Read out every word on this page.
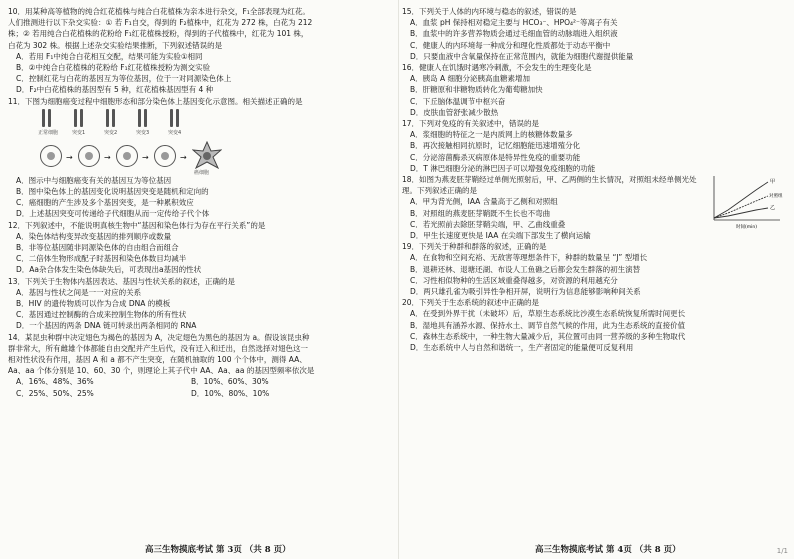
10．用某种高等植物的纯合红花植株与纯合白花植株为亲本进行杂交，F₁全部表现为红花。
人们推测进行以下杂交实验：① 若 F₁自交，得到的 F₂植株中，红花为 272 株，白花为 212
株；② 若用纯合白花植株的花粉给 F₁红花植株授粉，得到的子代植株中，红花为 101 株，
白花为 302 株。根据上述杂交实验结果推断，下列叙述错误的是
A．若用 F₁中纯合白花相互交配，结果可能为实验①相同
B．②中纯合白花植株的花粉给 F₁红花植株授粉为测交实验
C．控制红花与白花的基因互为等位基因，位于一对同源染色体上
D．F₂中白花植株的基因型有 5 种，红花植株基因型有 4 种
11．下图为细胞癌变过程中细胞形态和部分染色体上基因变化示意图。相关描述正确的是
正常细胞	突变1	突变2	突变3	突变4
→	→	→	→
癌细胞
A．图示中与细胞癌变有关的基因互为等位基因
B．图中染色体上的基因变化说明基因突变是随机和定向的
C．癌细胞的产生涉及多个基因突变，是一种累积效应
D．上述基因突变可传递给子代细胞从而一定传给子代个体
12．下列叙述中，不能说明真核生物中“基因和染色体行为存在平行关系”的是
A．染色体结构变异改变基因的排列顺序或数量
B．非等位基因随非同源染色体的自由组合而组合
C．二倍体生物形成配子时基因和染色体数目均减半
D．Aa杂合体发生染色体缺失后，可表现出a基因的性状
13．下列关于生物体内基因表达、基因与性状关系的叙述，正确的是
A．基因与性状之间是一一对应的关系
B．HIV 的遗传物质可以作为合成 DNA 的模板
C．基因通过控制酶的合成来控制生物体的所有性状
D．一个基因的两条 DNA 链可转录出两条相同的 RNA
14．某昆虫种群中决定翅色为褐色的基因为 A，决定翅色为黑色的基因为 a。假设该昆虫种
群非常大，所有雌雄个体都能自由交配并产生后代，没有迁入和迁出，自然选择对翅色这一
相对性状没有作用，基因 A 和 a 都不产生突变，在随机抽取的 100 个个体中，测得 AA、
Aa、aa 个体分别是 10、60、30 个，则理论上其子代中 AA、Aa、aa 的基因型频率依次是
A．16%、48%、36%	B．10%、60%、30%
C．25%、50%、25%	D．10%、80%、10%
15．下列关于人体的内环境与稳态的叙述，错误的是
A．血浆 pH 保持相对稳定主要与 HCO₃⁻、HPO₄²⁻等离子有关
B．血浆中的许多营养物质会通过毛细血管的动脉端进入组织液
C．健康人的内环境每一种成分和理化性质都处于动态平衡中
D．只要血液中含氧量保持在正常范围内，就能为细胞代谢提供能量
16．健康人在饥饿时遇寒冷刺激，不会发生的生理变化是
A．胰岛 A 细胞分泌胰高血糖素增加
B．肝糖原和非糖物质转化为葡萄糖加快
C．下丘脑体温调节中枢兴奋
D．皮肤血管舒张减少散热
17．下列对免疫的有关叙述中，错误的是
A．浆细胞的特征之一是内质网上的核糖体数量多
B．再次接触相同抗原时，记忆细胞能迅速增殖分化
C．分泌溶菌酶杀灭病原体是特异性免疫的重要功能
D．T 淋巴细胞分泌的淋巴因子可以增强免疫细胞的功能
18．如图为燕麦胚芽鞘经过单侧光照射后，甲、乙两侧的生长情况，对照组未经单侧光处
理。下列叙述正确的是
甲
对照组
乙
时间(min)
A．甲为背光侧，IAA 含量高于乙侧和对照组
B．对照组的燕麦胚芽鞘既不生长也不弯曲
C．若光照前去除胚芽鞘尖端，甲、乙曲线重叠
D．甲生长速度更快是 IAA 在尖端下部发生了横向运输
19．下列关于种群和群落的叙述，正确的是
A．在食物和空间充裕、无敌害等理想条件下，种群的数量呈 “J” 型增长
B．退耕还林、退塘还湖、布设人工鱼礁之后都会发生群落的初生演替
C．习性相似物种的生活区域重叠得越多，对资源的利用越充分
D．两只雄孔雀为吸引异性争相开屏，说明行为信息能够影响种间关系
20．下列关于生态系统的叙述中正确的是
A．在受到外界干扰（未破坏）后，草原生态系统比沙漠生态系统恢复所需时间更长
B．湿地具有涵养水源、保持水土、调节自然气候的作用，此为生态系统的直接价值
C．森林生态系统中，一种生物大量减少后，其位置可由同一营养级的多种生物取代
D．生态系统中人与自然和谐统一，生产者固定的能量便可反复利用
高三生物摸底考试 第 3页 （共 8 页）	高三生物摸底考试 第 4页 （共 8 页）	1/1
